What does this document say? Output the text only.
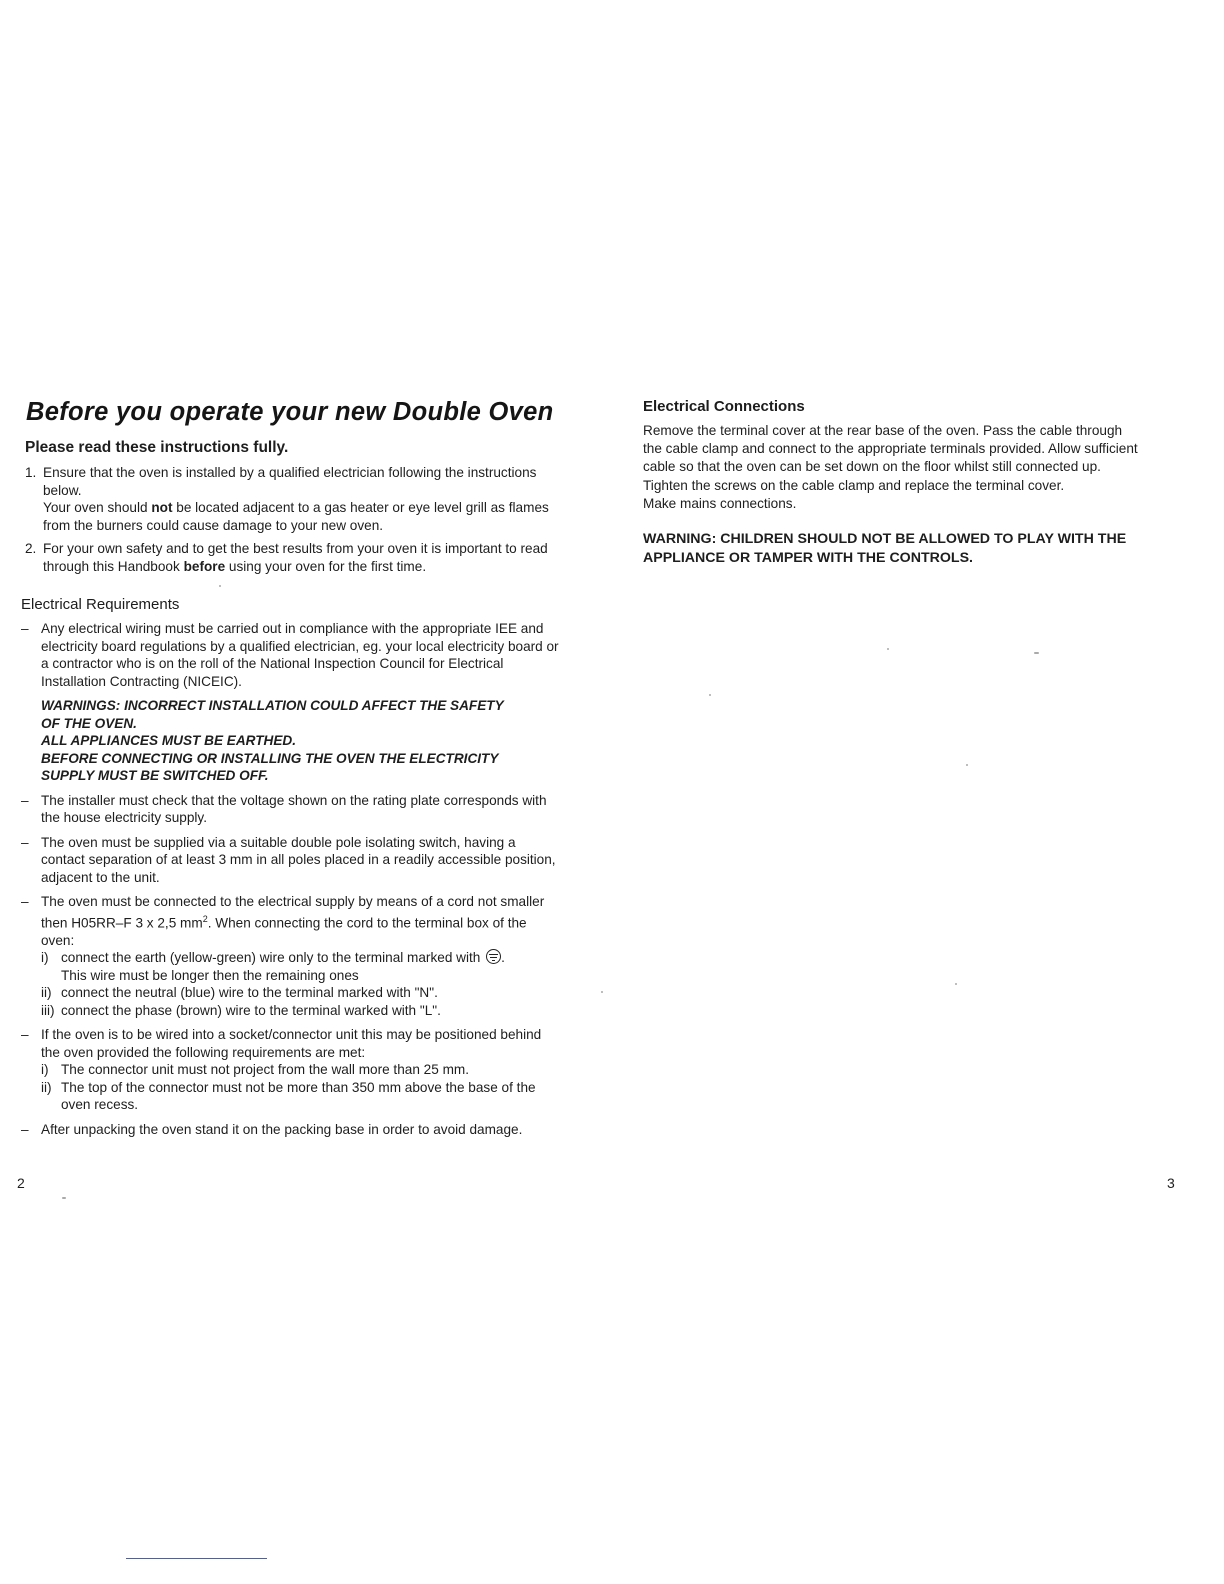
Before you operate your new Double Oven
Please read these instructions fully.
1. Ensure that the oven is installed by a qualified electrician following the instructions below.

Your oven should not be located adjacent to a gas heater or eye level grill as flames from the burners could cause damage to your new oven.

2. For your own safety and to get the best results from your oven it is important to read through this Handbook before using your oven for the first time.

Electrical Requirements
– Any electrical wiring must be carried out in compliance with the appropriate IEE and electricity board regulations by a qualified electrician, eg. your local electricity board or a contractor who is on the roll of the National Inspection Council for Electrical Installation Contracting (NICEIC).

WARNINGS: INCORRECT INSTALLATION COULD AFFECT THE SAFETY
OF THE OVEN.
ALL APPLIANCES MUST BE EARTHED.
BEFORE CONNECTING OR INSTALLING THE OVEN THE ELECTRICITY
SUPPLY MUST BE SWITCHED OFF.
– The installer must check that the voltage shown on the rating plate corresponds with the house electricity supply.

– The oven must be supplied via a suitable double pole isolating switch, having a contact separation of at least 3 mm in all poles placed in a readily accessible position, adjacent to the unit.

– The oven must be connected to the electrical supply by means of a cord not smaller then H05RR–F 3 x 2,5 $mm^2$. When connecting the cord to the terminal box of the oven:

i) connect the earth (yellow-green) wire only to the terminal marked with .
This wire must be longer then the remaining ones
ii) connect the neutral (blue) wire to the terminal marked with "N".
iii) connect the phase (brown) wire to the terminal warked with "L".
– If the oven is to be wired into a socket/connector unit this may be positioned behind the oven provided the following requirements are met:

i) The connector unit must not project from the wall more than 25 mm.
ii) The top of the connector must not be more than 350 mm above the base of the oven recess.
– After unpacking the oven stand it on the packing base in order to avoid damage.

Electrical Connections
Remove the terminal cover at the rear base of the oven. Pass the cable through
the cable clamp and connect to the appropriate terminals provided. Allow sufficient
cable so that the oven can be set down on the floor whilst still connected up.
Tighten the screws on the cable clamp and replace the terminal cover.
Make mains connections.
WARNING: CHILDREN SHOULD NOT BE ALLOWED TO PLAY WITH THE
APPLIANCE OR TAMPER WITH THE CONTROLS.
2	3
